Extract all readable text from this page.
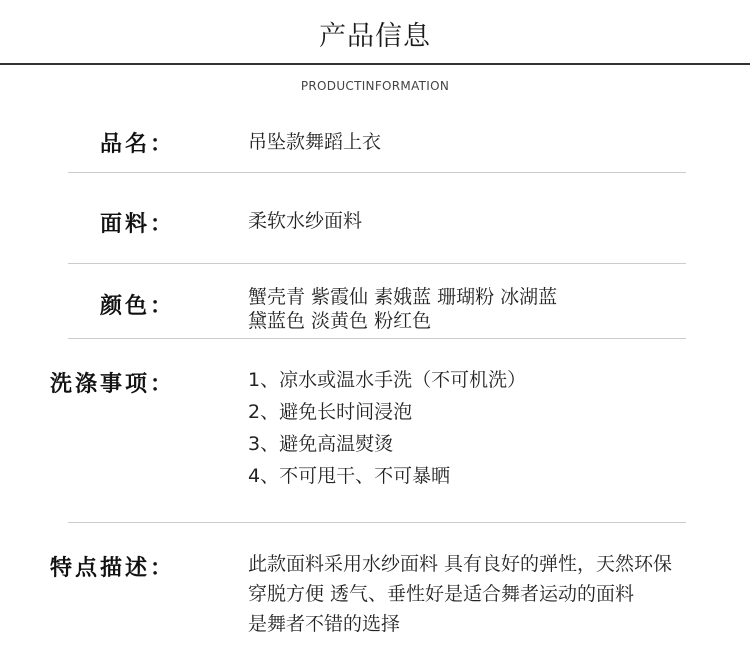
产品信息
PRODUCTINFORMATION
品名：	吊坠款舞蹈上衣
面料：	柔软水纱面料
颜色：	蟹壳青 紫霞仙 素娥蓝 珊瑚粉 冰湖蓝
黛蓝色 淡黄色 粉红色
洗涤事项：	1、凉水或温水手洗（不可机洗）
2、避免长时间浸泡
3、避免高温熨烫
4、不可甩干、不可暴晒
特点描述：	此款面料采用水纱面料 具有良好的弹性，天然环保
穿脱方便 透气、垂性好是适合舞者运动的面料
是舞者不错的选择
